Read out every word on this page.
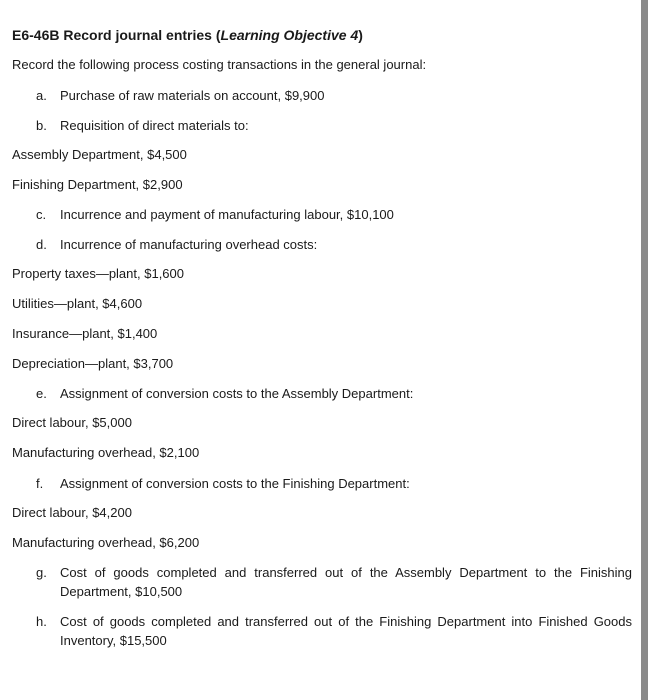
E6-46B Record journal entries (Learning Objective 4)
Record the following process costing transactions in the general journal:
a.	Purchase of raw materials on account, $9,900
b.	Requisition of direct materials to:
Assembly Department, $4,500
Finishing Department, $2,900
c.	Incurrence and payment of manufacturing labour, $10,100
d.	Incurrence of manufacturing overhead costs:
Property taxes—plant, $1,600
Utilities—plant, $4,600
Insurance—plant, $1,400
Depreciation—plant, $3,700
e.	Assignment of conversion costs to the Assembly Department:
Direct labour, $5,000
Manufacturing overhead, $2,100
f.	Assignment of conversion costs to the Finishing Department:
Direct labour, $4,200
Manufacturing overhead, $6,200
g.	Cost of goods completed and transferred out of the Assembly Department to the Finishing Department, $10,500
h.	Cost of goods completed and transferred out of the Finishing Department into Finished Goods Inventory, $15,500
